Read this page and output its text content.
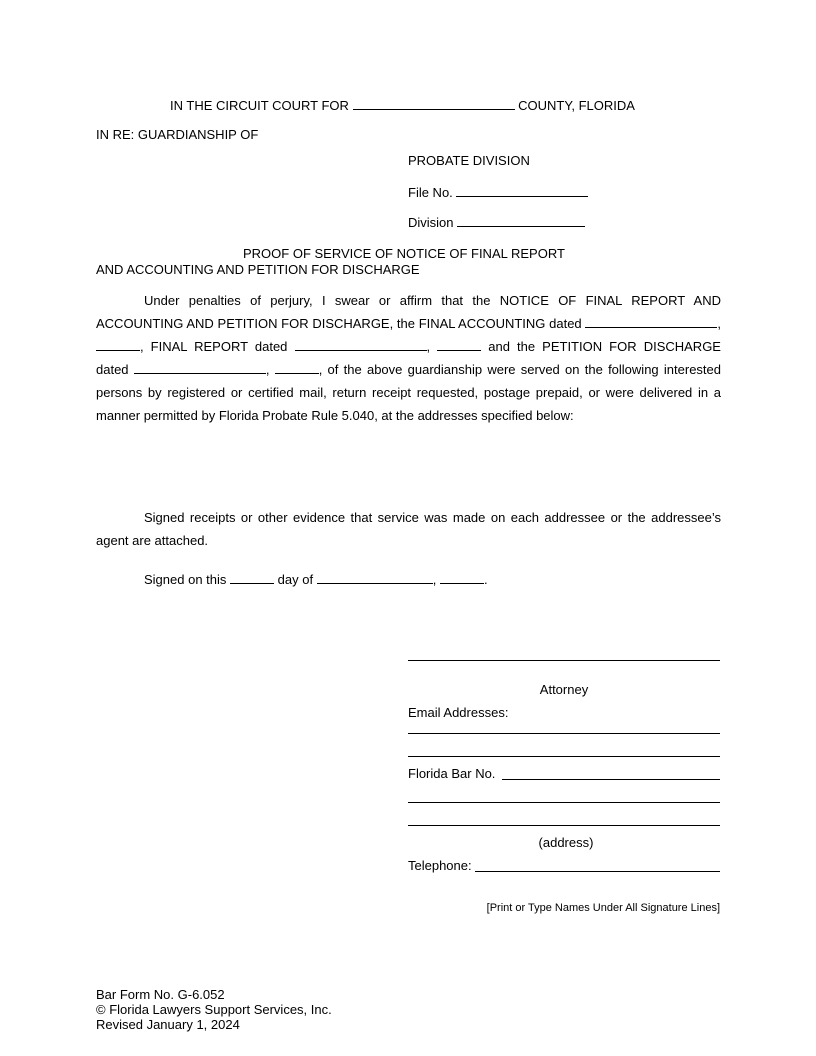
IN THE CIRCUIT COURT FOR	COUNTY, FLORIDA
IN RE: GUARDIANSHIP OF
PROBATE DIVISION
File No.
Division
PROOF OF SERVICE OF NOTICE OF FINAL REPORT
AND ACCOUNTING AND PETITION FOR DISCHARGE
Under penalties of perjury, I swear or affirm that the NOTICE OF FINAL REPORT AND ACCOUNTING AND PETITION FOR DISCHARGE, the FINAL ACCOUNTING dated	, , FINAL REPORT dated	,	and the PETITION FOR DISCHARGE dated	,	, of the above guardianship were served on the following interested persons by registered or certified mail, return receipt requested, postage prepaid, or were delivered in a manner permitted by Florida Probate Rule 5.040, at the addresses specified below:
Signed receipts or other evidence that service was made on each addressee or the addressee’s agent are attached.
Signed on this	day of	,	.
Attorney
Email Addresses:
Florida Bar No.
(address)
Telephone:
[Print or Type Names Under All Signature Lines]
Bar Form No. G-6.052
© Florida Lawyers Support Services, Inc.
Revised January 1, 2024
